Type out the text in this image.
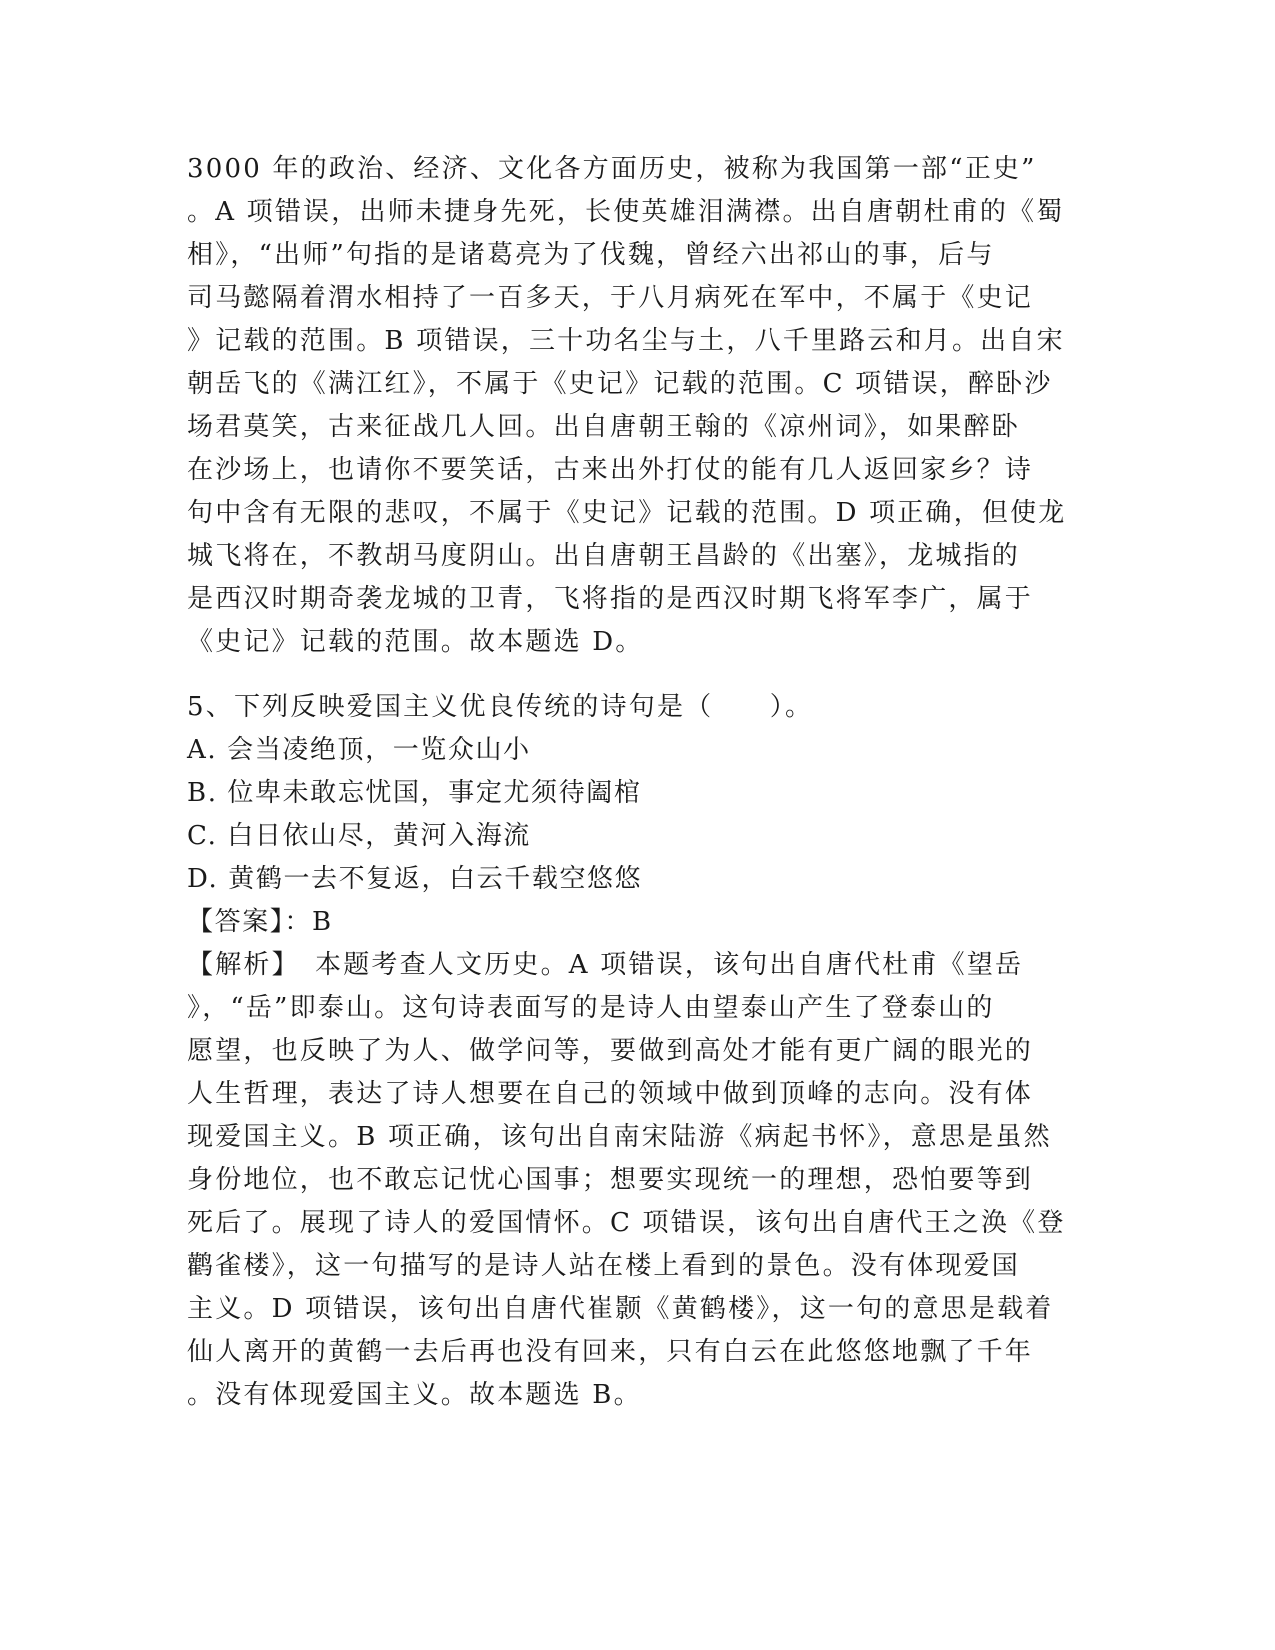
3000 年的政治、经济、文化各方面历史，被称为我国第一部“正史”
。A 项错误，出师未捷身先死，长使英雄泪满襟。出自唐朝杜甫的《蜀
相》，“出师”句指的是诸葛亮为了伐魏，曾经六出祁山的事，后与
司马懿隔着渭水相持了一百多天，于八月病死在军中，不属于《史记
》记载的范围。B 项错误，三十功名尘与土，八千里路云和月。出自宋
朝岳飞的《满江红》，不属于《史记》记载的范围。C 项错误，醉卧沙
场君莫笑，古来征战几人回。出自唐朝王翰的《凉州词》，如果醉卧
在沙场上，也请你不要笑话，古来出外打仗的能有几人返回家乡？诗
句中含有无限的悲叹，不属于《史记》记载的范围。D 项正确，但使龙
城飞将在，不教胡马度阴山。出自唐朝王昌龄的《出塞》，龙城指的
是西汉时期奇袭龙城的卫青，飞将指的是西汉时期飞将军李广，属于
《史记》记载的范围。故本题选 D。
5、下列反映爱国主义优良传统的诗句是（　　）。
A. 会当凌绝顶，一览众山小
B. 位卑未敢忘忧国，事定尤须待阖棺
C. 白日依山尽，黄河入海流
D. 黄鹤一去不复返，白云千载空悠悠
【答案】：B
【解析】　本题考查人文历史。A 项错误，该句出自唐代杜甫《望岳
》，“岳”即泰山。这句诗表面写的是诗人由望泰山产生了登泰山的
愿望，也反映了为人、做学问等，要做到高处才能有更广阔的眼光的
人生哲理，表达了诗人想要在自己的领域中做到顶峰的志向。没有体
现爱国主义。B 项正确，该句出自南宋陆游《病起书怀》，意思是虽然
身份地位，也不敢忘记忧心国事；想要实现统一的理想，恐怕要等到
死后了。展现了诗人的爱国情怀。C 项错误，该句出自唐代王之涣《登
鹳雀楼》，这一句描写的是诗人站在楼上看到的景色。没有体现爱国
主义。D 项错误，该句出自唐代崔颢《黄鹤楼》，这一句的意思是载着
仙人离开的黄鹤一去后再也没有回来，只有白云在此悠悠地飘了千年
。没有体现爱国主义。故本题选 B。
